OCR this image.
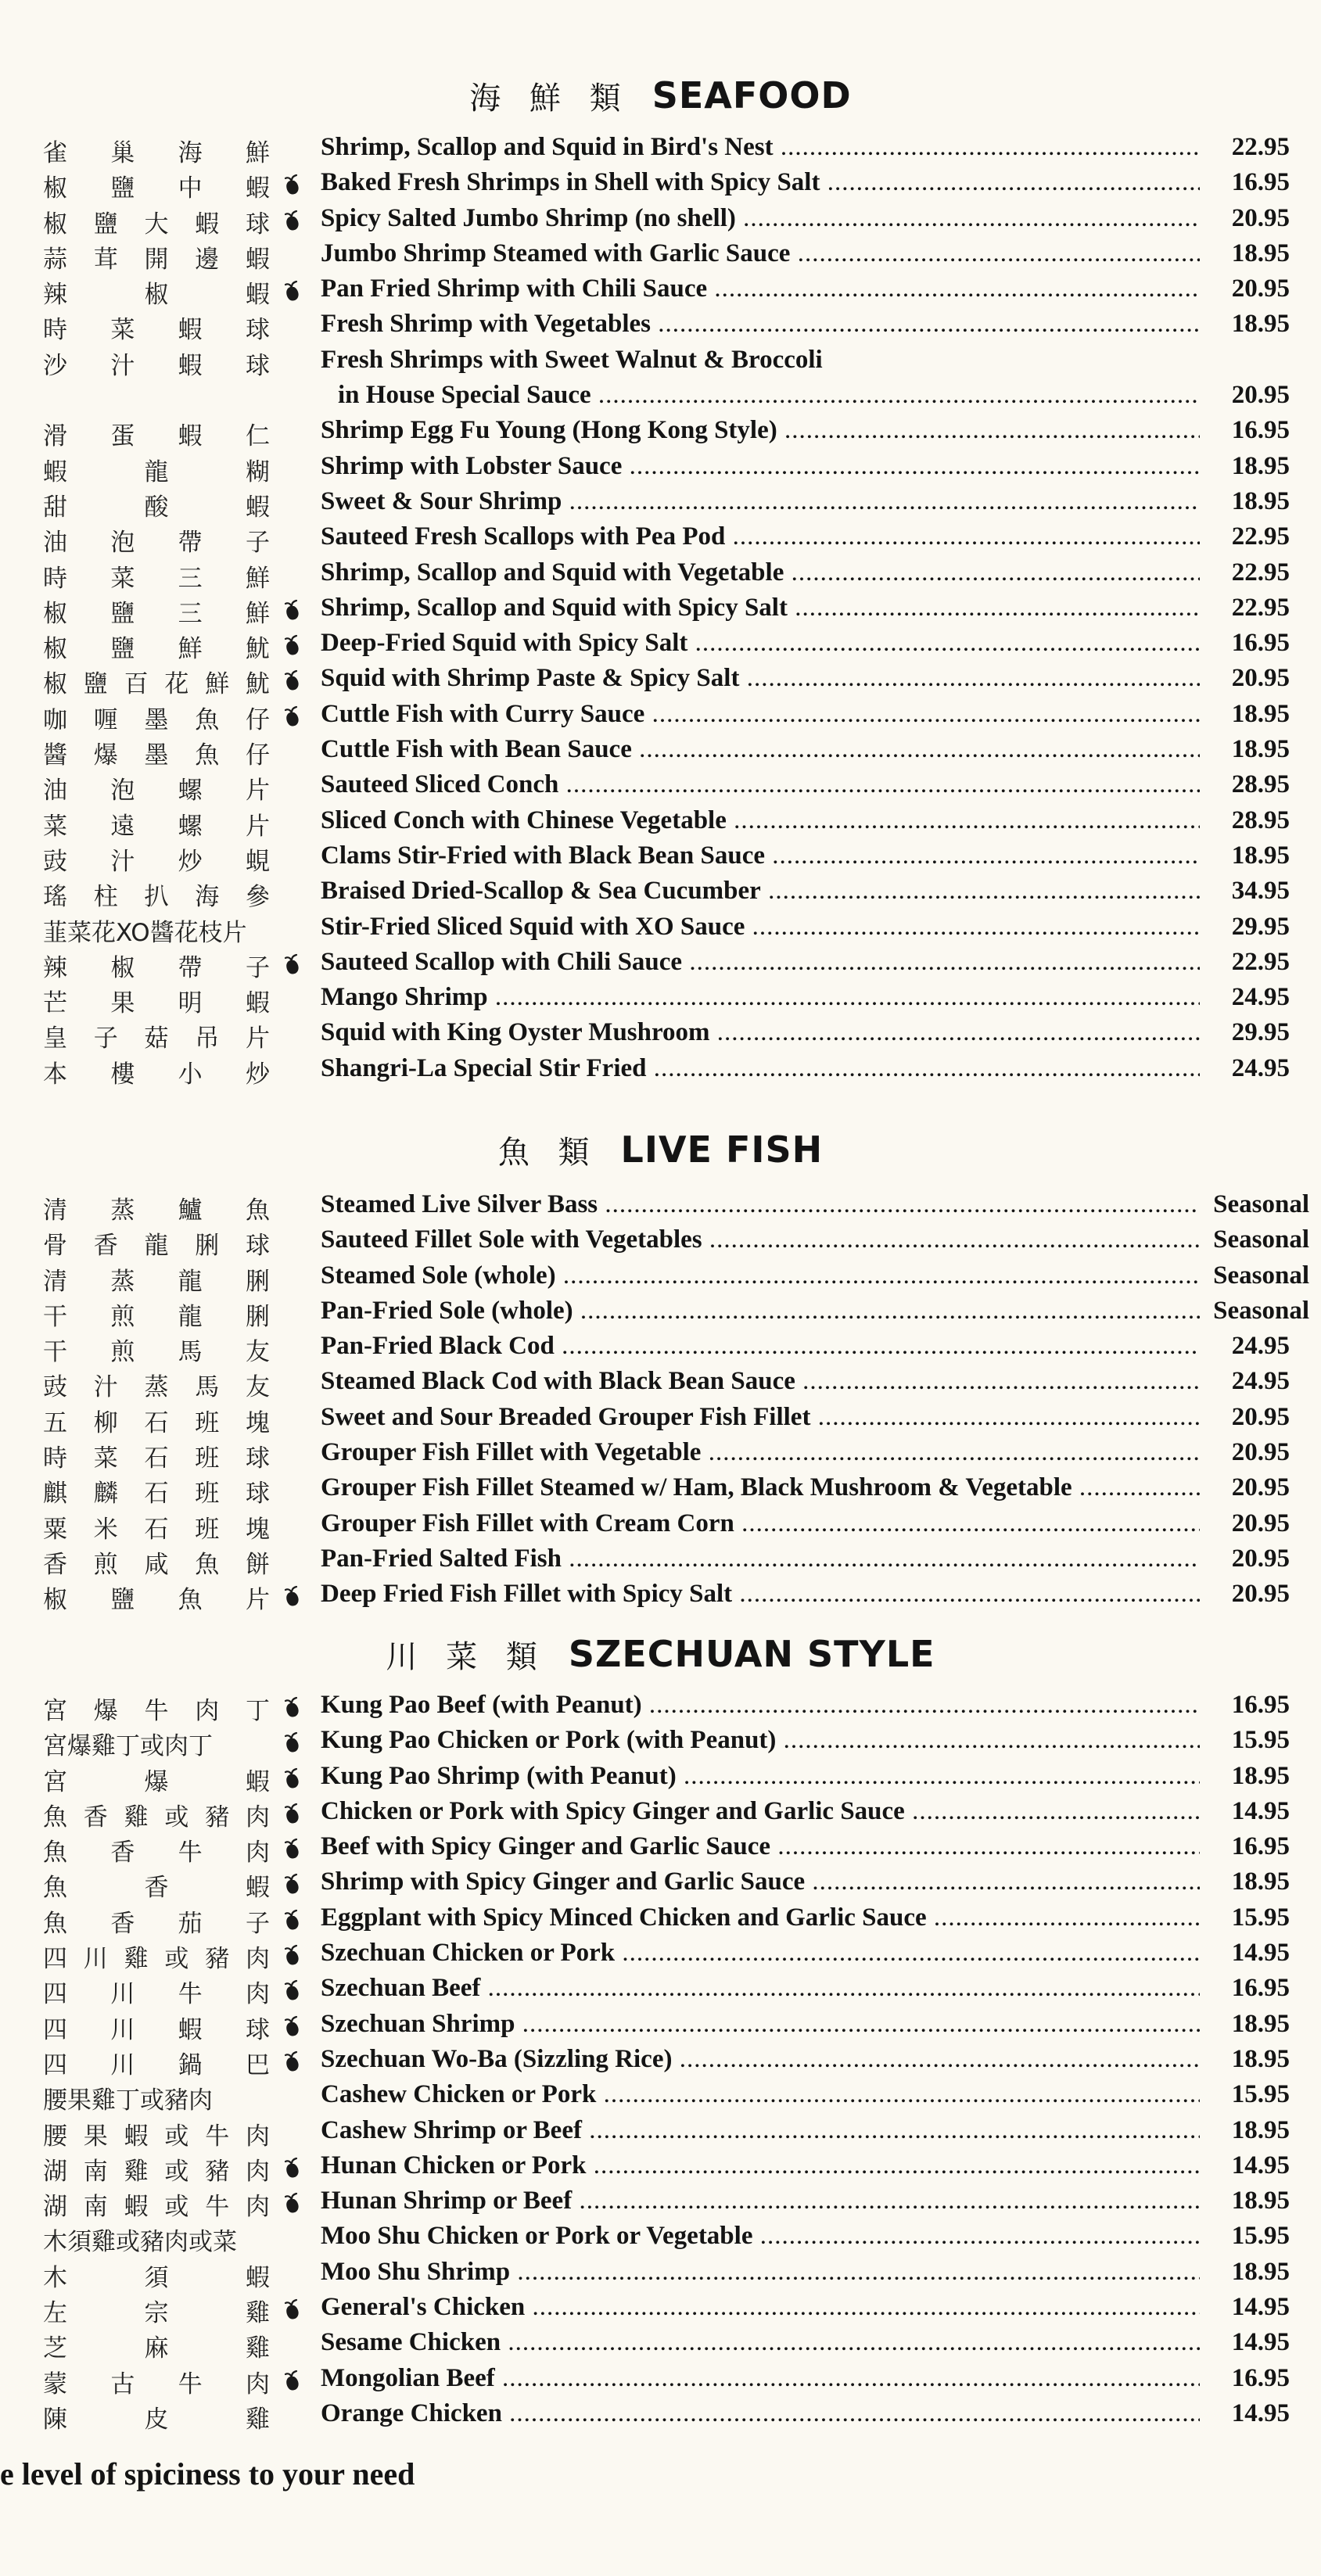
海 鮮 類 SEAFOOD
雀 巢 海 鮮 Shrimp, Scallop and Squid in Bird's Nest .....	22.95
椒 鹽 中 蝦 Baked Fresh Shrimps in Shell with Spicy Salt .....	16.95
椒 鹽 大 蝦 球 Spicy Salted Jumbo Shrimp (no shell) .....	20.95
蒜 茸 開 邊 蝦 Jumbo Shrimp Steamed with Garlic Sauce .....	18.95
辣	椒	蝦 Pan Fried Shrimp with Chili Sauce .....	20.95
時 菜 蝦 球 Fresh Shrimp with Vegetables .....	18.95
沙 汁 蝦 球 Fresh Shrimps with Sweet Walnut & Broccoli
in House Special Sauce .....	20.95
滑 蛋 蝦 仁 Shrimp Egg Fu Young (Hong Kong Style) .....	16.95
蝦	龍	糊 Shrimp with Lobster Sauce .....	18.95
甜	酸	蝦 Sweet & Sour Shrimp .....	18.95
油 泡 帶 子 Sauteed Fresh Scallops with Pea Pod .....	22.95
時 菜 三 鮮 Shrimp, Scallop and Squid with Vegetable .....	22.95
椒 鹽 三 鮮 Shrimp, Scallop and Squid with Spicy Salt .....	22.95
椒 鹽 鮮 魷 Deep-Fried Squid with Spicy Salt .....	16.95
椒 鹽 百 花 鮮 魷 Squid with Shrimp Paste & Spicy Salt .....	20.95
咖 喱 墨 魚 仔 Cuttle Fish with Curry Sauce .....	18.95
醬 爆 墨 魚 仔 Cuttle Fish with Bean Sauce .....	18.95
油 泡 螺 片 Sauteed Sliced Conch .....	28.95
菜 遠 螺 片 Sliced Conch with Chinese Vegetable .....	28.95
豉 汁 炒 蜆 Clams Stir-Fried with Black Bean Sauce .....	18.95
瑤 柱 扒 海 參 Braised Dried-Scallop & Sea Cucumber .....	34.95
韮菜花XO醬花枝片	Stir-Fried Sliced Squid with XO Sauce .....	29.95
辣 椒 帶 子 Sauteed Scallop with Chili Sauce .....	22.95
芒 果 明 蝦 Mango Shrimp .....	24.95
皇 子 菇 吊 片 Squid with King Oyster Mushroom .....	29.95
本 樓 小 炒 Shangri-La Special Stir Fried .....	24.95
魚 類 LIVE FISH
清 蒸 鱸 魚 Steamed Live Silver Bass .....	Seasonal
骨 香 龍 脷 球 Sauteed Fillet Sole with Vegetables .....	Seasonal
清 蒸 龍 脷 Steamed Sole (whole) .....	Seasonal
干 煎 龍 脷 Pan-Fried Sole (whole) .....	Seasonal
干 煎 馬 友 Pan-Fried Black Cod .....	24.95
豉 汁 蒸 馬 友 Steamed Black Cod with Black Bean Sauce .....	24.95
五 柳 石 班 塊 Sweet and Sour Breaded Grouper Fish Fillet .....	20.95
時 菜 石 班 球 Grouper Fish Fillet with Vegetable .....	20.95
麒 麟 石 班 球 Grouper Fish Fillet Steamed w/ Ham, Black Mushroom & Vegetable .....	20.95
粟 米 石 班 塊 Grouper Fish Fillet with Cream Corn .....	20.95
香 煎 咸 魚 餅 Pan-Fried Salted Fish .....	20.95
椒 鹽 魚 片 Deep Fried Fish Fillet with Spicy Salt .....	20.95
川 菜 類 SZECHUAN STYLE
宮 爆 牛 肉 丁 Kung Pao Beef (with Peanut) .....	16.95
宮爆雞丁或肉丁	Kung Pao Chicken or Pork (with Peanut) .....	15.95
宮	爆	蝦 Kung Pao Shrimp (with Peanut) .....	18.95
魚 香 雞 或 豬 肉 Chicken or Pork with Spicy Ginger and Garlic Sauce .....	14.95
魚 香 牛 肉 Beef with Spicy Ginger and Garlic Sauce .....	16.95
魚	香	蝦 Shrimp with Spicy Ginger and Garlic Sauce .....	18.95
魚 香 茄 子 Eggplant with Spicy Minced Chicken and Garlic Sauce .....	15.95
四 川 雞 或 豬 肉 Szechuan Chicken or Pork .....	14.95
四 川 牛 肉 Szechuan Beef .....	16.95
四 川 蝦 球 Szechuan Shrimp .....	18.95
四 川 鍋 巴 Szechuan Wo-Ba (Sizzling Rice) .....	18.95
腰果雞丁或豬肉	Cashew Chicken or Pork .....	15.95
腰 果 蝦 或 牛 肉 Cashew Shrimp or Beef .....	18.95
湖 南 雞 或 豬 肉 Hunan Chicken or Pork .....	14.95
湖 南 蝦 或 牛 肉 Hunan Shrimp or Beef .....	18.95
木須雞或豬肉或菜	Moo Shu Chicken or Pork or Vegetable .....	15.95
木	須	蝦 Moo Shu Shrimp .....	18.95
左	宗	雞 General's Chicken .....	14.95
芝	麻	雞 Sesame Chicken .....	14.95
蒙 古 牛 肉 Mongolian Beef .....	16.95
陳	皮	雞 Orange Chicken .....	14.95
e level of spiciness to your need
